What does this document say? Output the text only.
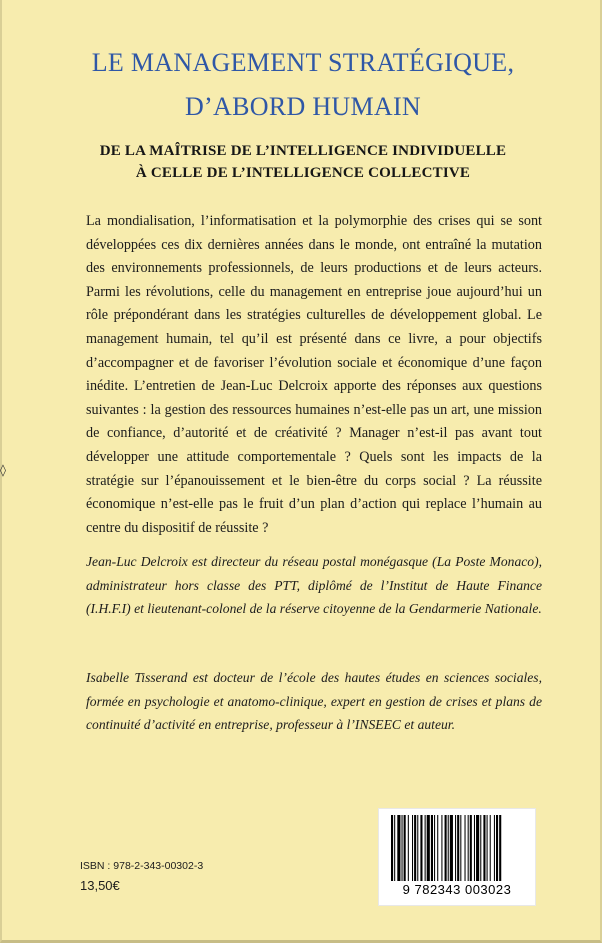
LE MANAGEMENT STRATÉGIQUE,
D’ABORD HUMAIN
DE LA MAÎTRISE DE L’INTELLIGENCE INDIVIDUELLE
À CELLE DE L’INTELLIGENCE COLLECTIVE

La mondialisation, l’informatisation et la polymorphie des crises qui se sont développées ces dix dernières années dans le monde, ont entraîné la mutation des environnements professionnels, de leurs productions et de leurs acteurs. Parmi les révolutions, celle du management en entreprise joue aujourd’hui un rôle prépondérant dans les stratégies culturelles de développement global. Le management humain, tel qu’il est présenté dans ce livre, a pour objectifs d’accompagner et de favoriser l’évolution sociale et économique d’une façon inédite. L’entretien de Jean-Luc Delcroix apporte des réponses aux questions suivantes : la gestion des ressources humaines n’est-elle pas un art, une mission de confiance, d’autorité et de créativité ? Manager n’est-il pas avant tout développer une attitude comportementale ? Quels sont les impacts de la stratégie sur l’épanouissement et le bien-être du corps social ? La réussite économique n’est-elle pas le fruit d’un plan d’action qui replace l’humain au centre du dispositif de réussite ?

Jean-Luc Delcroix est directeur du réseau postal monégasque (La Poste Monaco), administrateur hors classe des PTT, diplômé de l’Institut de Haute Finance (I.H.F.I) et lieutenant-colonel de la réserve citoyenne de la Gendarmerie Nationale.

Isabelle Tisserand est docteur de l’école des hautes études en sciences sociales, formée en psychologie et anatomo-clinique, expert en gestion de crises et plans de continuité d’activité en entreprise, professeur à l’INSEEC et auteur.

◊

ISBN : 978-2-343-00302-3

13,50€	9 782343 003023
